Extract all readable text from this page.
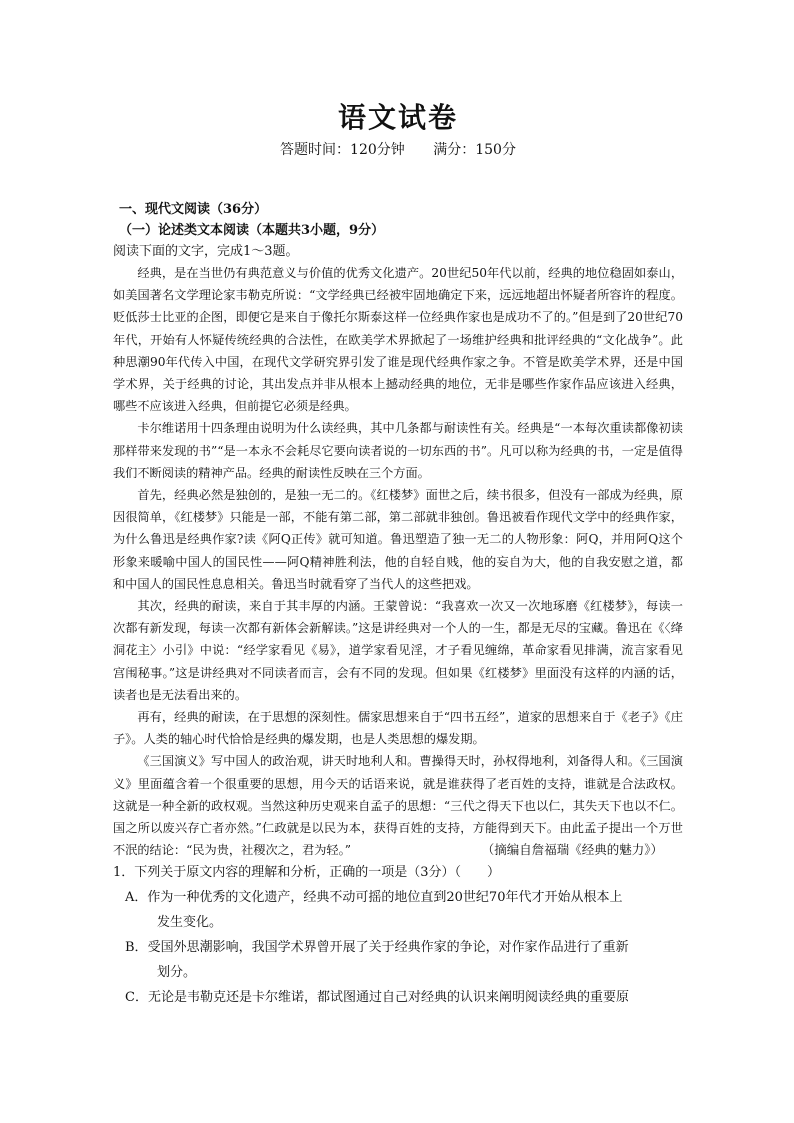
语文试卷
答题时间：120分钟　 满分：150分
一、现代文阅读（36分）
（一）论述类文本阅读（本题共3小题，9分）
阅读下面的文字，完成1～3题。

经典，是在当世仍有典范意义与价值的优秀文化遗产。20世纪50年代以前，经典的地位稳固如泰山，如美国著名文学理论家韦勒克所说：“文学经典已经被牢固地确定下来，远远地超出怀疑者所容许的程度。贬低莎士比亚的企图，即便它是来自于像托尔斯泰这样一位经典作家也是成功不了的。”但是到了20世纪70年代，开始有人怀疑传统经典的合法性，在欧美学术界掀起了一场维护经典和批评经典的“文化战争”。此种思潮90年代传入中国，在现代文学研究界引发了谁是现代经典作家之争。不管是欧美学术界，还是中国学术界，关于经典的讨论，其出发点并非从根本上撼动经典的地位，无非是哪些作家作品应该进入经典，哪些不应该进入经典，但前提它必须是经典。

卡尔维诺用十四条理由说明为什么读经典，其中几条都与耐读性有关。经典是“一本每次重读都像初读那样带来发现的书”“是一本永不会耗尽它要向读者说的一切东西的书”。凡可以称为经典的书，一定是值得我们不断阅读的精神产品。经典的耐读性反映在三个方面。

首先，经典必然是独创的，是独一无二的。《红楼梦》面世之后，续书很多，但没有一部成为经典，原因很简单，《红楼梦》只能是一部，不能有第二部，第二部就非独创。鲁迅被看作现代文学中的经典作家，为什么鲁迅是经典作家?读《阿Q正传》就可知道。鲁迅塑造了独一无二的人物形象：阿Q，并用阿Q这个形象来暖喻中国人的国民性——阿Q精神胜利法，他的自轻自贱，他的妄自为大，他的自我安慰之道，都和中国人的国民性息息相关。鲁迅当时就看穿了当代人的这些把戏。

其次，经典的耐读，来自于其丰厚的内涵。王蒙曾说：“我喜欢一次又一次地琢磨《红楼梦》，每读一次都有新发现，每读一次都有新体会新解读。”这是讲经典对一个人的一生，都是无尽的宝藏。鲁迅在《〈绛洞花主〉小引》中说：“经学家看见《易》，道学家看见淫，才子看见缠绵，革命家看见排满，流言家看见宫闱秘事。”这是讲经典对不同读者而言，会有不同的发现。但如果《红楼梦》里面没有这样的内涵的话，读者也是无法看出来的。

再有，经典的耐读，在于思想的深刻性。儒家思想来自于“四书五经”，道家的思想来自于《老子》《庄子》。人类的轴心时代恰恰是经典的爆发期，也是人类思想的爆发期。

《三国演义》写中国人的政治观，讲天时地利人和。曹操得天时，孙权得地利，刘备得人和。《三国演义》里面蕴含着一个很重要的思想，用今天的话语来说，就是谁获得了老百姓的支持，谁就是合法政权。这就是一种全新的政权观。当然这种历史观来自孟子的思想：“三代之得天下也以仁，其失天下也以不仁。国之所以废兴存亡者亦然。”仁政就是以民为本，获得百姓的支持，方能得到天下。由此孟子提出一个万世不泯的结论：“民为贵，社稷次之，君为轻。”	（摘编自詹福瑞《经典的魅力》）
1．下列关于原文内容的理解和分析，正确的一项是（3分）（　　）
A．作为一种优秀的文化遗产，经典不动可摇的地位直到20世纪70年代才开始从根本上
发生变化。
B．受国外思潮影响，我国学术界曾开展了关于经典作家的争论，对作家作品进行了重新
划分。
C．无论是韦勒克还是卡尔维诺，都试图通过自己对经典的认识来阐明阅读经典的重要原
